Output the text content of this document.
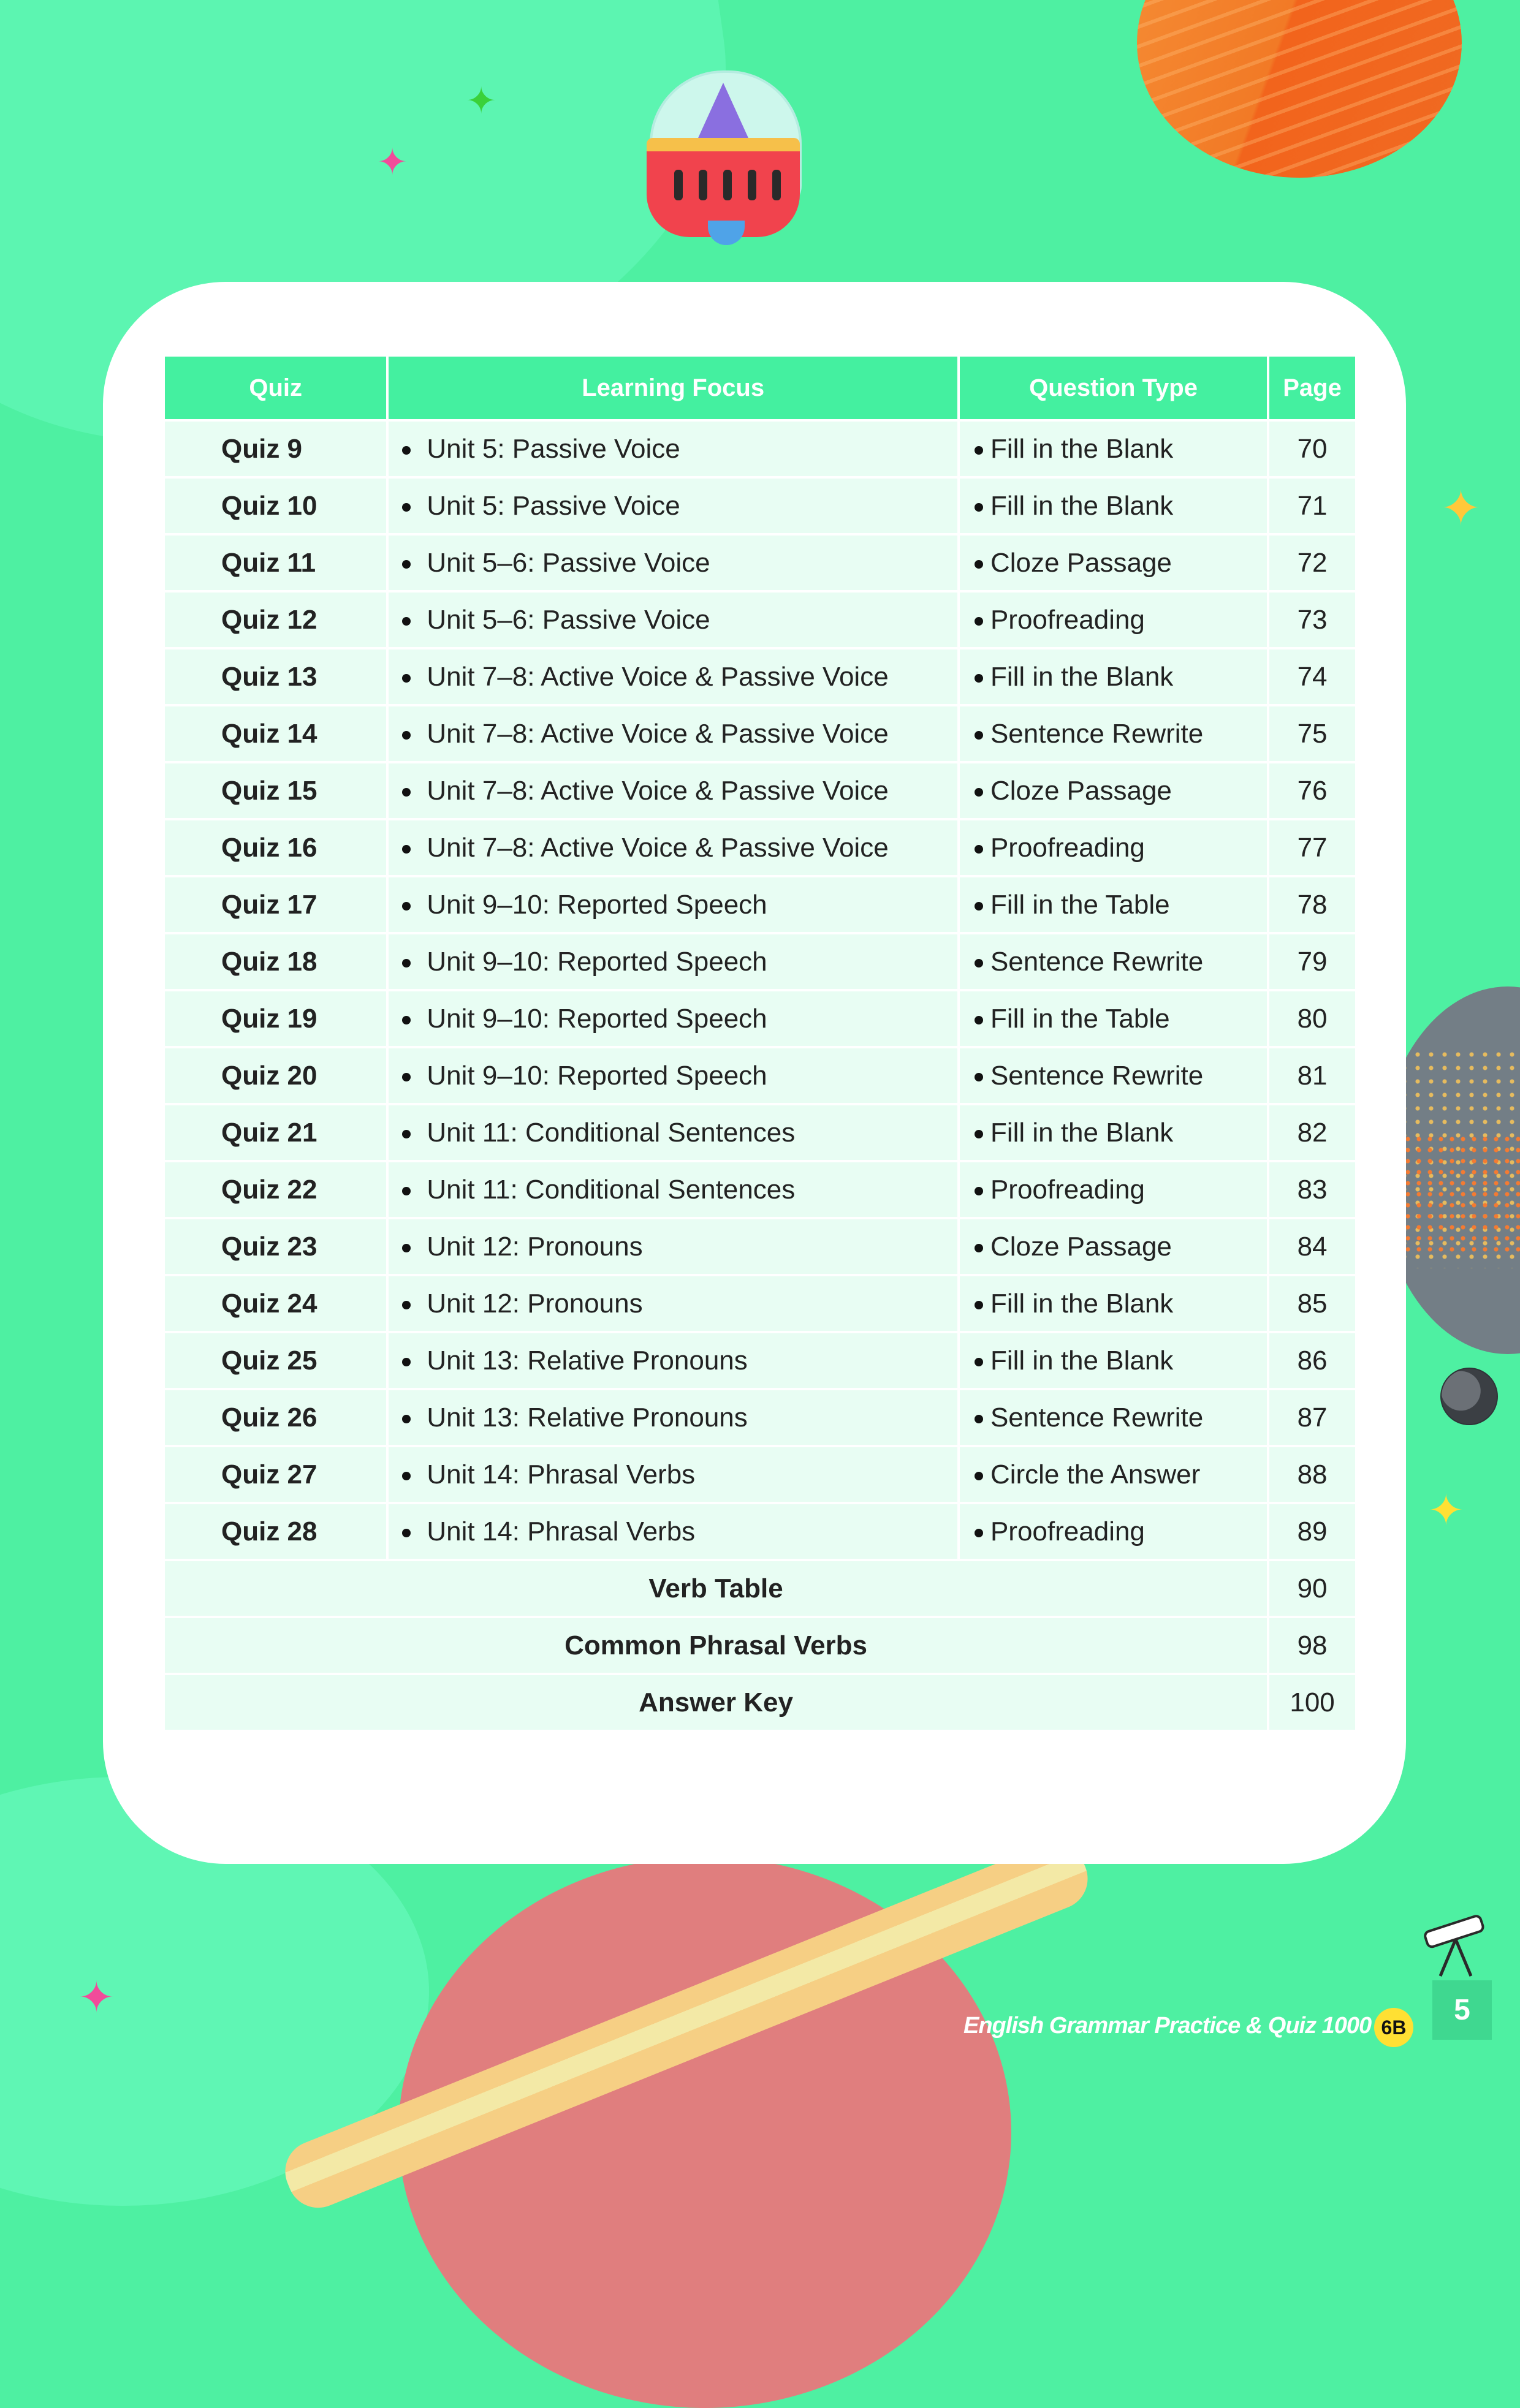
✦
✦
✦
✦
✦
Quiz	Learning Focus	Question Type	Page
Quiz 9	Unit 5: Passive Voice	Fill in the Blank	70
Quiz 10	Unit 5: Passive Voice	Fill in the Blank	71
Quiz 11	Unit 5–6: Passive Voice	Cloze Passage	72
Quiz 12	Unit 5–6: Passive Voice	Proofreading	73
Quiz 13	Unit 7–8: Active Voice & Passive Voice	Fill in the Blank	74
Quiz 14	Unit 7–8: Active Voice & Passive Voice	Sentence Rewrite	75
Quiz 15	Unit 7–8: Active Voice & Passive Voice	Cloze Passage	76
Quiz 16	Unit 7–8: Active Voice & Passive Voice	Proofreading	77
Quiz 17	Unit 9–10: Reported Speech	Fill in the Table	78
Quiz 18	Unit 9–10: Reported Speech	Sentence Rewrite	79
Quiz 19	Unit 9–10: Reported Speech	Fill in the Table	80
Quiz 20	Unit 9–10: Reported Speech	Sentence Rewrite	81
Quiz 21	Unit 11: Conditional Sentences	Fill in the Blank	82
Quiz 22	Unit 11: Conditional Sentences	Proofreading	83
Quiz 23	Unit 12: Pronouns	Cloze Passage	84
Quiz 24	Unit 12: Pronouns	Fill in the Blank	85
Quiz 25	Unit 13: Relative Pronouns	Fill in the Blank	86
Quiz 26	Unit 13: Relative Pronouns	Sentence Rewrite	87
Quiz 27	Unit 14: Phrasal Verbs	Circle the Answer	88
Quiz 28	Unit 14: Phrasal Verbs	Proofreading	89
Verb Table			90
Common Phrasal Verbs			98
Answer Key			100
English Grammar Practice & Quiz 1000 6B
5
